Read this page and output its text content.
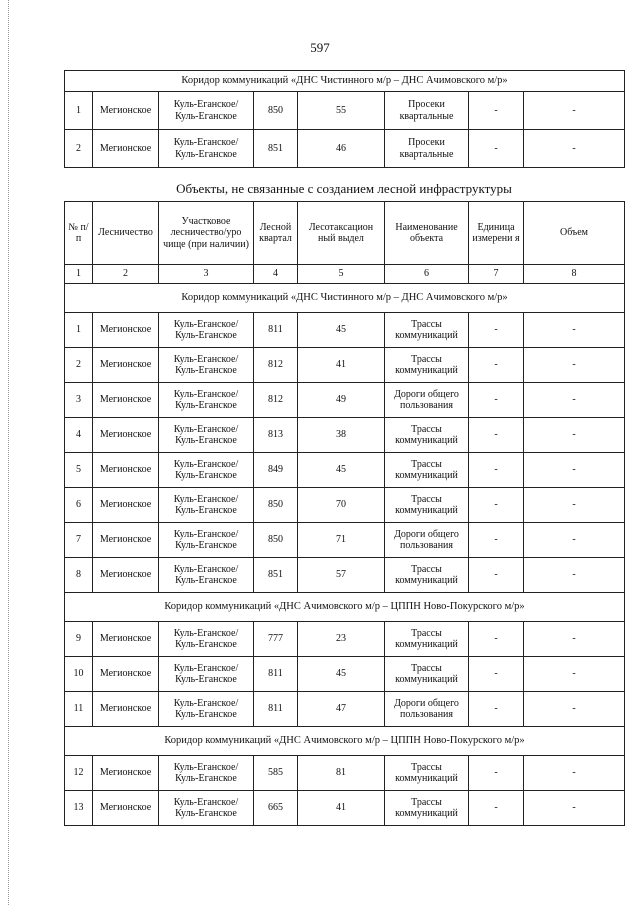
597
Коридор коммуникаций «ДНС Чистинного м/р – ДНС Ачимовского м/р»							
1	Мегионское	Куль-Еганское/ Куль-Еганское	850	55	Просеки квартальные	-	-
2	Мегионское	Куль-Еганское/ Куль-Еганское	851	46	Просеки квартальные	-	-
Объекты, не связанные с созданием лесной инфраструктуры
№ п/п	Лесничество	Участковое лесничество/уро чище (при наличии)	Лесной квартал	Лесотаксацион ный выдел	Наименование объекта	Единица измерени я	Объем
1	2	3	4	5	6	7	8
Коридор коммуникаций «ДНС Чистинного м/р – ДНС Ачимовского м/р»							
1	Мегионское	Куль-Еганское/ Куль-Еганское	811	45	Трассы коммуникаций	-	-
2	Мегионское	Куль-Еганское/ Куль-Еганское	812	41	Трассы коммуникаций	-	-
3	Мегионское	Куль-Еганское/ Куль-Еганское	812	49	Дороги общего пользования	-	-
4	Мегионское	Куль-Еганское/ Куль-Еганское	813	38	Трассы коммуникаций	-	-
5	Мегионское	Куль-Еганское/ Куль-Еганское	849	45	Трассы коммуникаций	-	-
6	Мегионское	Куль-Еганское/ Куль-Еганское	850	70	Трассы коммуникаций	-	-
7	Мегионское	Куль-Еганское/ Куль-Еганское	850	71	Дороги общего пользования	-	-
8	Мегионское	Куль-Еганское/ Куль-Еганское	851	57	Трассы коммуникаций	-	-
Коридор коммуникаций «ДНС Ачимовского м/р – ЦППН Ново-Покурского м/р»							
9	Мегионское	Куль-Еганское/ Куль-Еганское	777	23	Трассы коммуникаций	-	-
10	Мегионское	Куль-Еганское/ Куль-Еганское	811	45	Трассы коммуникаций	-	-
11	Мегионское	Куль-Еганское/ Куль-Еганское	811	47	Дороги общего пользования	-	-
Коридор коммуникаций «ДНС Ачимовского м/р – ЦППН Ново-Покурского м/р»							
12	Мегионское	Куль-Еганское/ Куль-Еганское	585	81	Трассы коммуникаций	-	-
13	Мегионское	Куль-Еганское/ Куль-Еганское	665	41	Трассы коммуникаций	-	-
